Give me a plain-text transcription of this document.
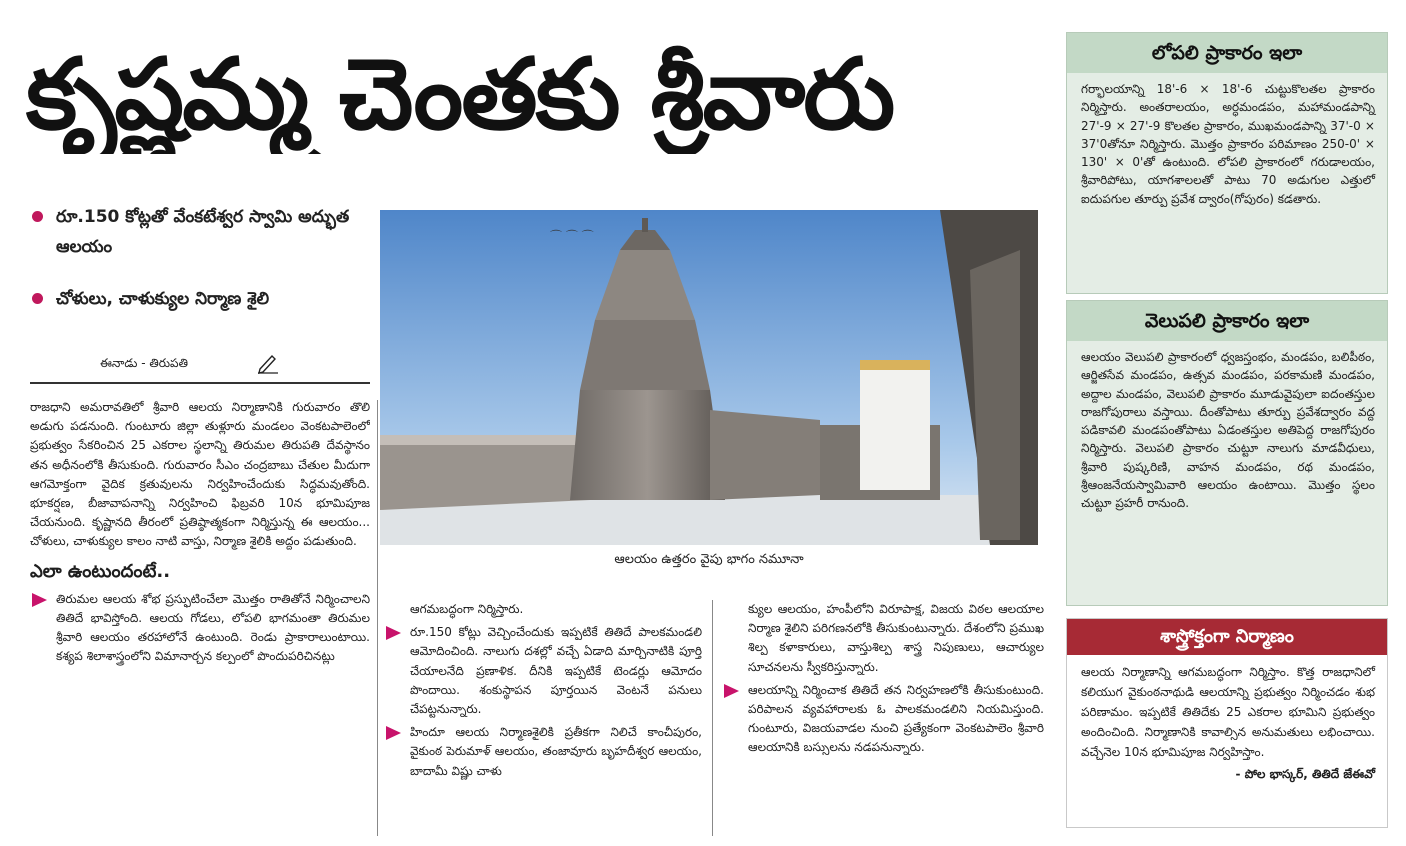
కృష్ణమ్మ చెంతకు శ్రీవారు
రూ.150 కోట్లతో వేంకటేశ్వర స్వామి అద్భుత ఆలయం
చోళులు, చాళుక్యుల నిర్మాణ శైలి
ఈనాడు - తిరుపతి

రాజధాని అమరావతిలో శ్రీవారి ఆలయ నిర్మాణానికి గురువారం తొలి అడుగు పడనుంది. గుంటూరు జిల్లా తుళ్లూరు మండలం వెంకటపాలెంలో ప్రభుత్వం సేకరించిన 25 ఎకరాల స్థలాన్ని తిరుమల తిరుపతి దేవస్థానం తన అధీనంలోకి తీసుకుంది. గురువారం సీఎం చంద్రబాబు చేతుల మీదుగా ఆగమోక్తంగా వైదిక క్రతువులను నిర్వహించేందుకు సిద్ధమవుతోంది. భూకర్షణ, బీజావాపనాన్ని నిర్వహించి ఫిబ్రవరి 10న భూమిపూజ చేయనుంది. కృష్ణానది తీరంలో ప్రతిష్ఠాత్మకంగా నిర్మిస్తున్న ఈ ఆలయం... చోళులు, చాళుక్యుల కాలం నాటి వాస్తు, నిర్మాణ శైలికి అద్దం పడుతుంది.

ఎలా ఉంటుందంటే..

తిరుమల ఆలయ శోభ ప్రస్ఫుటించేలా మొత్తం రాతితోనే నిర్మించాలని తితిదే భావిస్తోంది. ఆలయ గోడలు, లోపలి భాగమంతా తిరుమల శ్రీవారి ఆలయం తరహాలోనే ఉంటుంది. రెండు ప్రాకారాలుంటాయి. కశ్యప శిలాశాస్త్రంలోని విమానార్చన కల్పంలో పొందుపరిచినట్లు

⌒ ⌒ ⌒
ఆలయం ఉత్తరం వైపు భాగం నమూనా

ఆగమబద్ధంగా నిర్మిస్తారు.

రూ.150 కోట్లు వెచ్చించేందుకు ఇప్పటికే తితిదే పాలకమండలి ఆమోదించింది. నాలుగు దశల్లో వచ్చే ఏడాది మార్చినాటికి పూర్తి చేయాలనేది ప్రణాళిక. దీనికి ఇప్పటికే టెండర్లు ఆమోదం పొందాయి. శంకుస్థాపన పూర్తయిన వెంటనే పనులు చేపట్టనున్నారు.

హిందూ ఆలయ నిర్మాణశైలికి ప్రతీకగా నిలిచే కాంచీపురం, వైకుంఠ పెరుమాళ్ ఆలయం, తంజావూరు బృహదీశ్వర ఆలయం, బాదామీ విష్ణు చాళు

క్యుల ఆలయం, హంపీలోని విరూపాక్ష, విజయ విఠల ఆలయాల నిర్మాణ శైలిని పరిగణనలోకి తీసుకుంటున్నారు. దేశంలోని ప్రముఖ శిల్ప కళాకారులు, వాస్తుశిల్ప శాస్త్ర నిపుణులు, ఆచార్యుల సూచనలను స్వీకరిస్తున్నారు.

ఆలయాన్ని నిర్మించాక తితిదే తన నిర్వహణలోకి తీసుకుంటుంది. పరిపాలన వ్యవహారాలకు ఓ పాలకమండలిని నియమిస్తుంది. గుంటూరు, విజయవాడల నుంచి ప్రత్యేకంగా వెంకటపాలెం శ్రీవారి ఆలయానికి బస్సులను నడపనున్నారు.

లోపలి ప్రాకారం ఇలా
గర్భాలయాన్ని 18'-6 × 18'-6 చుట్టుకొలతల ప్రాకారం నిర్మిస్తారు. అంతరాలయం, అర్ధమండపం, మహామండపాన్ని 27'-9 × 27'-9 కొలతల ప్రాకారం, ముఖమండపాన్ని 37'-0 × 37'0తోనూ నిర్మిస్తారు. మొత్తం ప్రాకారం పరిమాణం 250-0' × 130' × 0'తో ఉంటుంది. లోపలి ప్రాకారంలో గరుడాలయం, శ్రీవారిపోటు, యాగశాలలతో పాటు 70 అడుగుల ఎత్తులో ఐదుపగుల తూర్పు ప్రవేశ ద్వారం(గోపురం) కడతారు.
వెలుపలి ప్రాకారం ఇలా
ఆలయం వెలుపలి ప్రాకారంలో ధ్వజస్తంభం, మండపం, బలిపీఠం, ఆర్జితసేవ మండపం, ఉత్సవ మండపం, పరకామణి మండపం, అద్దాల మండపం, వెలుపలి ప్రాకారం మూడువైపులా ఐదంతస్తుల రాజగోపురాలు వస్తాయి. దీంతోపాటు తూర్పు ప్రవేశద్వారం వద్ద పడికావలి మండపంతోపాటు ఏడంతస్తుల అతిపెద్ద రాజగోపురం నిర్మిస్తారు. వెలుపలి ప్రాకారం చుట్టూ నాలుగు మాడవీధులు, శ్రీవారి పుష్కరిణి, వాహన మండపం, రథ మండపం, శ్రీఆంజనేయస్వామివారి ఆలయం ఉంటాయి. మొత్తం స్థలం చుట్టూ ప్రహరీ రానుంది.
శాస్త్రోక్తంగా నిర్మాణం
ఆలయ నిర్మాణాన్ని ఆగమబద్ధంగా నిర్మిస్తాం. కొత్త రాజధానిలో కలియుగ వైకుంఠనాథుడి ఆలయాన్ని ప్రభుత్వం నిర్మించడం శుభ పరిణామం. ఇప్పటికే తితిదేకు 25 ఎకరాల భూమిని ప్రభుత్వం అందించింది. నిర్మాణానికి కావాల్సిన అనుమతులు లభించాయి. వచ్చేనెల 10న భూమిపూజ నిర్వహిస్తాం.
- పోల భాస్కర్, తితిదే జేఈవో
